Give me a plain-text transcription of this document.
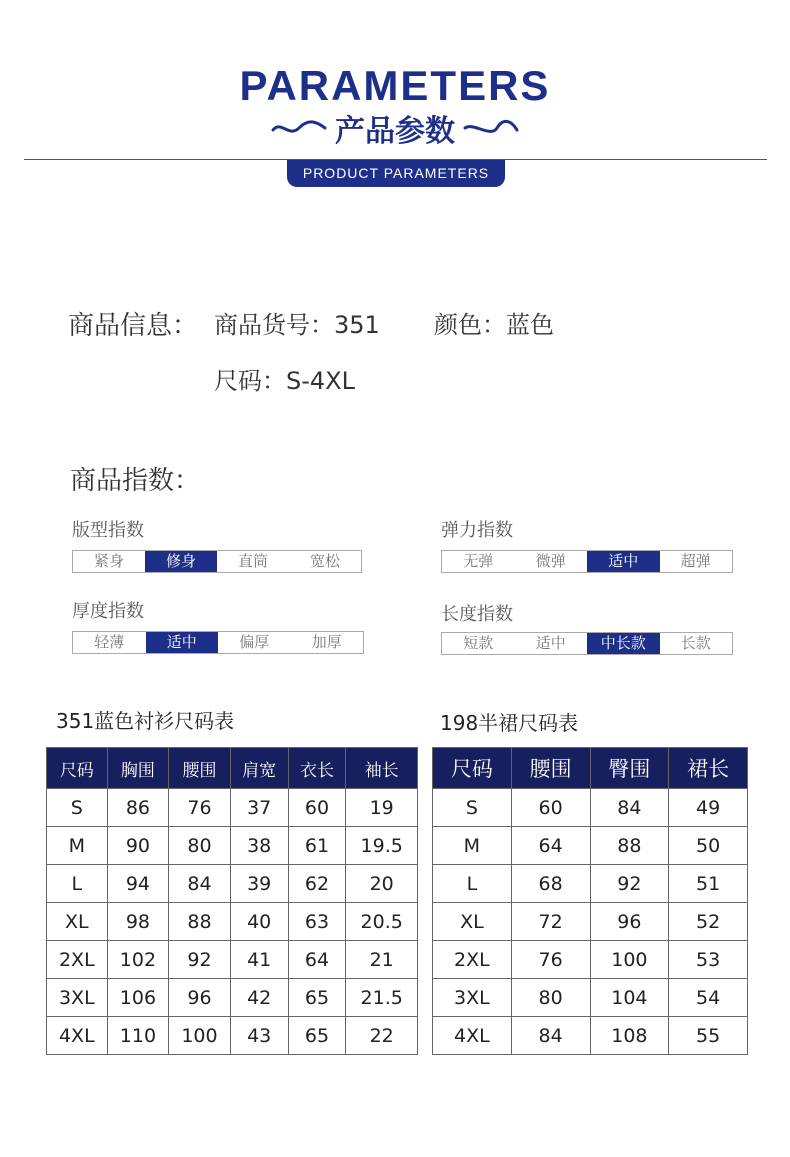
PARAMETERS
产品参数
PRODUCT PARAMETERS
商品信息： 商品货号：351 颜色：蓝色
尺码：S-4XL
商品指数：
版型指数
紧身	修身	直筒	宽松
弹力指数
无弹	微弹	适中	超弹
厚度指数
轻薄	适中	偏厚	加厚
长度指数
短款	适中	中长款	长款
351蓝色衬衫尺码表	198半裙尺码表
尺码	胸围	腰围	肩宽	衣长	袖长
S	86	76	37	60	19
M	90	80	38	61	19.5
L	94	84	39	62	20
XL	98	88	40	63	20.5
2XL	102	92	41	64	21
3XL	106	96	42	65	21.5
4XL	110	100	43	65	22
尺码	腰围	臀围	裙长
S	60	84	49
M	64	88	50
L	68	92	51
XL	72	96	52
2XL	76	100	53
3XL	80	104	54
4XL	84	108	55
